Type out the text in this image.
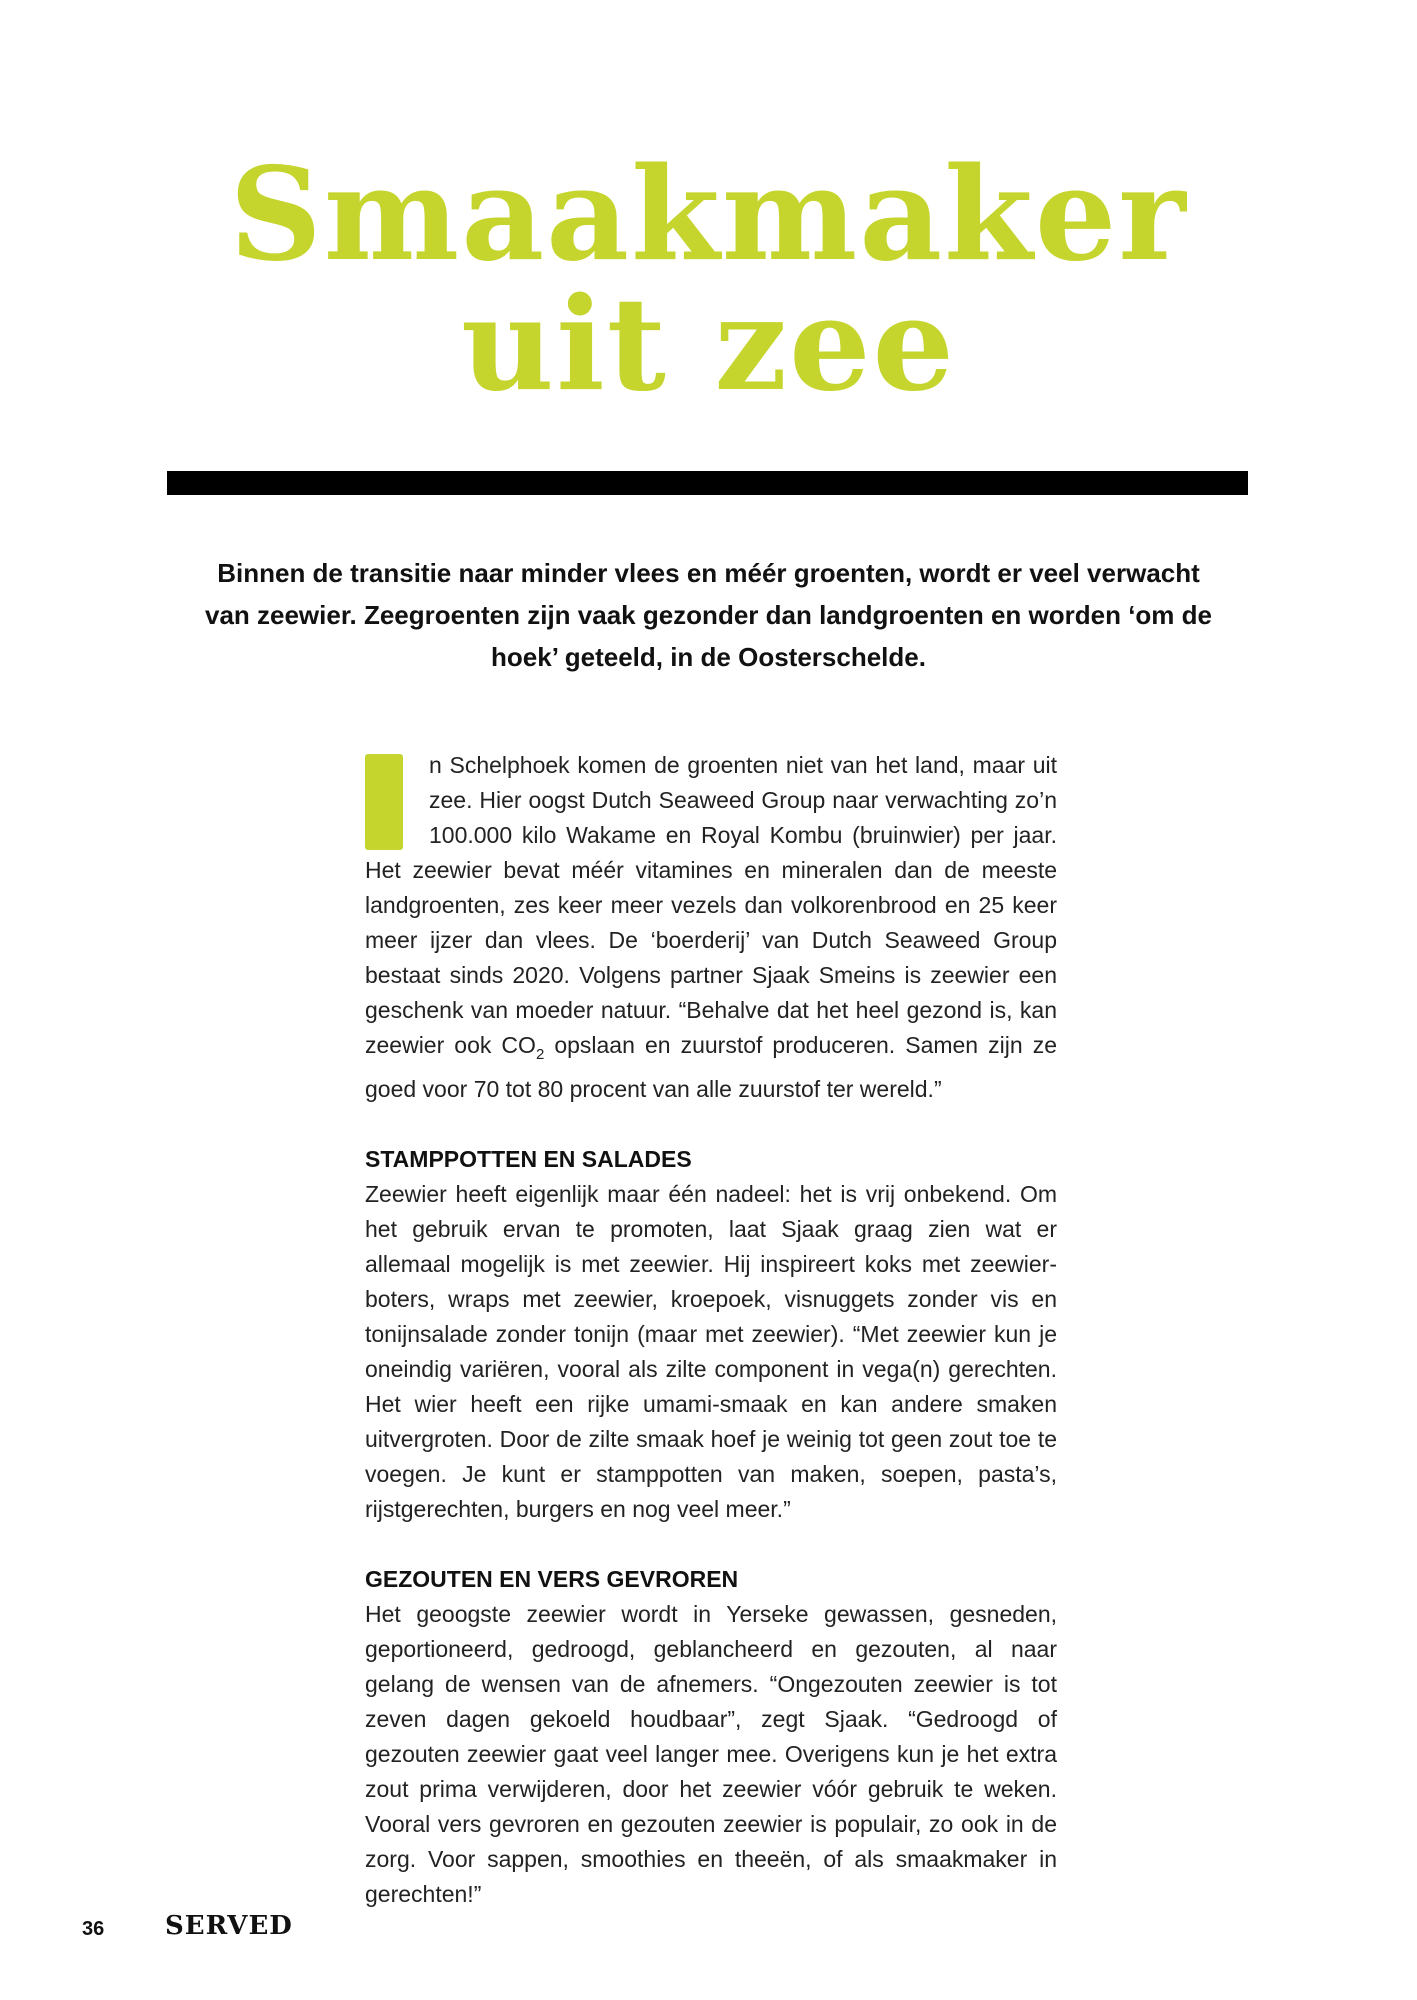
Smaakmaker
uit zee

Binnen de transitie naar minder vlees en méér groenten, wordt er veel verwacht van zeewier. Zeegroenten zijn vaak gezonder dan landgroenten en worden ‘om de hoek’ geteeld, in de Oosterschelde.

n Schelphoek komen de groenten niet van het land, maar uit zee. Hier oogst Dutch Seaweed Group naar verwachting zo’n 100.000 kilo Wakame en Royal Kombu (bruinwier) per jaar. Het zeewier bevat méér vitamines en mineralen dan de meeste landgroenten, zes keer meer vezels dan volkorenbrood en 25 keer meer ijzer dan vlees. De ‘boerderij’ van Dutch Seaweed Group bestaat sinds 2020. Volgens partner Sjaak Smeins is zeewier een geschenk van moeder natuur. “Behalve dat het heel gezond is, kan zeewier ook $CO_2$ opslaan en zuurstof produceren. Samen zijn ze goed voor 70 tot 80 procent van alle zuurstof ter wereld.”

STAMPPOTTEN EN SALADES

Zeewier heeft eigenlijk maar één nadeel: het is vrij onbekend. Om het gebruik ervan te promoten, laat Sjaak graag zien wat er allemaal mogelijk is met zeewier. Hij inspireert koks met zeewier-boters, wraps met zeewier, kroepoek, visnuggets zonder vis en tonijnsalade zonder tonijn (maar met zeewier). “Met zeewier kun je oneindig variëren, vooral als zilte component in vega(n) gerechten. Het wier heeft een rijke umami-smaak en kan andere smaken uitvergroten. Door de zilte smaak hoef je weinig tot geen zout toe te voegen. Je kunt er stamppotten van maken, soepen, pasta’s, rijstgerechten, burgers en nog veel meer.”

GEZOUTEN EN VERS GEVROREN

Het geoogste zeewier wordt in Yerseke gewassen, gesneden, geportioneerd, gedroogd, geblancheerd en gezouten, al naar gelang de wensen van de afnemers. “Ongezouten zeewier is tot zeven dagen gekoeld houdbaar”, zegt Sjaak. “Gedroogd of gezouten zeewier gaat veel langer mee. Overigens kun je het extra zout prima verwijderen, door het zeewier vóór gebruik te weken. Vooral vers gevroren en gezouten zeewier is populair, zo ook in de zorg. Voor sappen, smoothies en theeën, of als smaakmaker in gerechten!”

36 SERVED
